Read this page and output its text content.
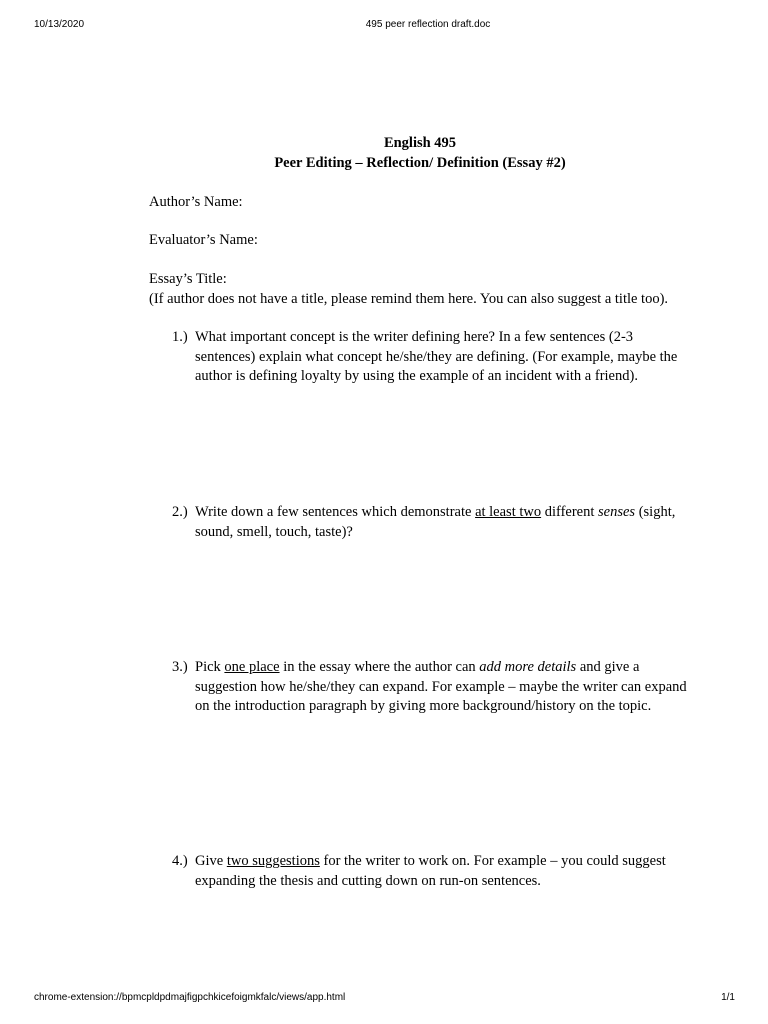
10/13/2020	495 peer reflection draft.doc
English 495
Peer Editing – Reflection/ Definition (Essay #2)

Author’s Name:

Evaluator’s Name:

Essay’s Title:
(If author does not have a title, please remind them here. You can also suggest a title too).
1.) What important concept is the writer defining here? In a few sentences (2-3 sentences) explain what concept he/she/they are defining. (For example, maybe the author is defining loyalty by using the example of an incident with a friend).
2.) Write down a few sentences which demonstrate at least two different senses (sight, sound, smell, touch, taste)?
3.) Pick one place in the essay where the author can add more details and give a suggestion how he/she/they can expand. For example – maybe the writer can expand on the introduction paragraph by giving more background/history on the topic.
4.) Give two suggestions for the writer to work on. For example – you could suggest expanding the thesis and cutting down on run-on sentences.
chrome-extension://bpmcpldpdmajfigpchkicefoigmkfalc/views/app.html	1/1
